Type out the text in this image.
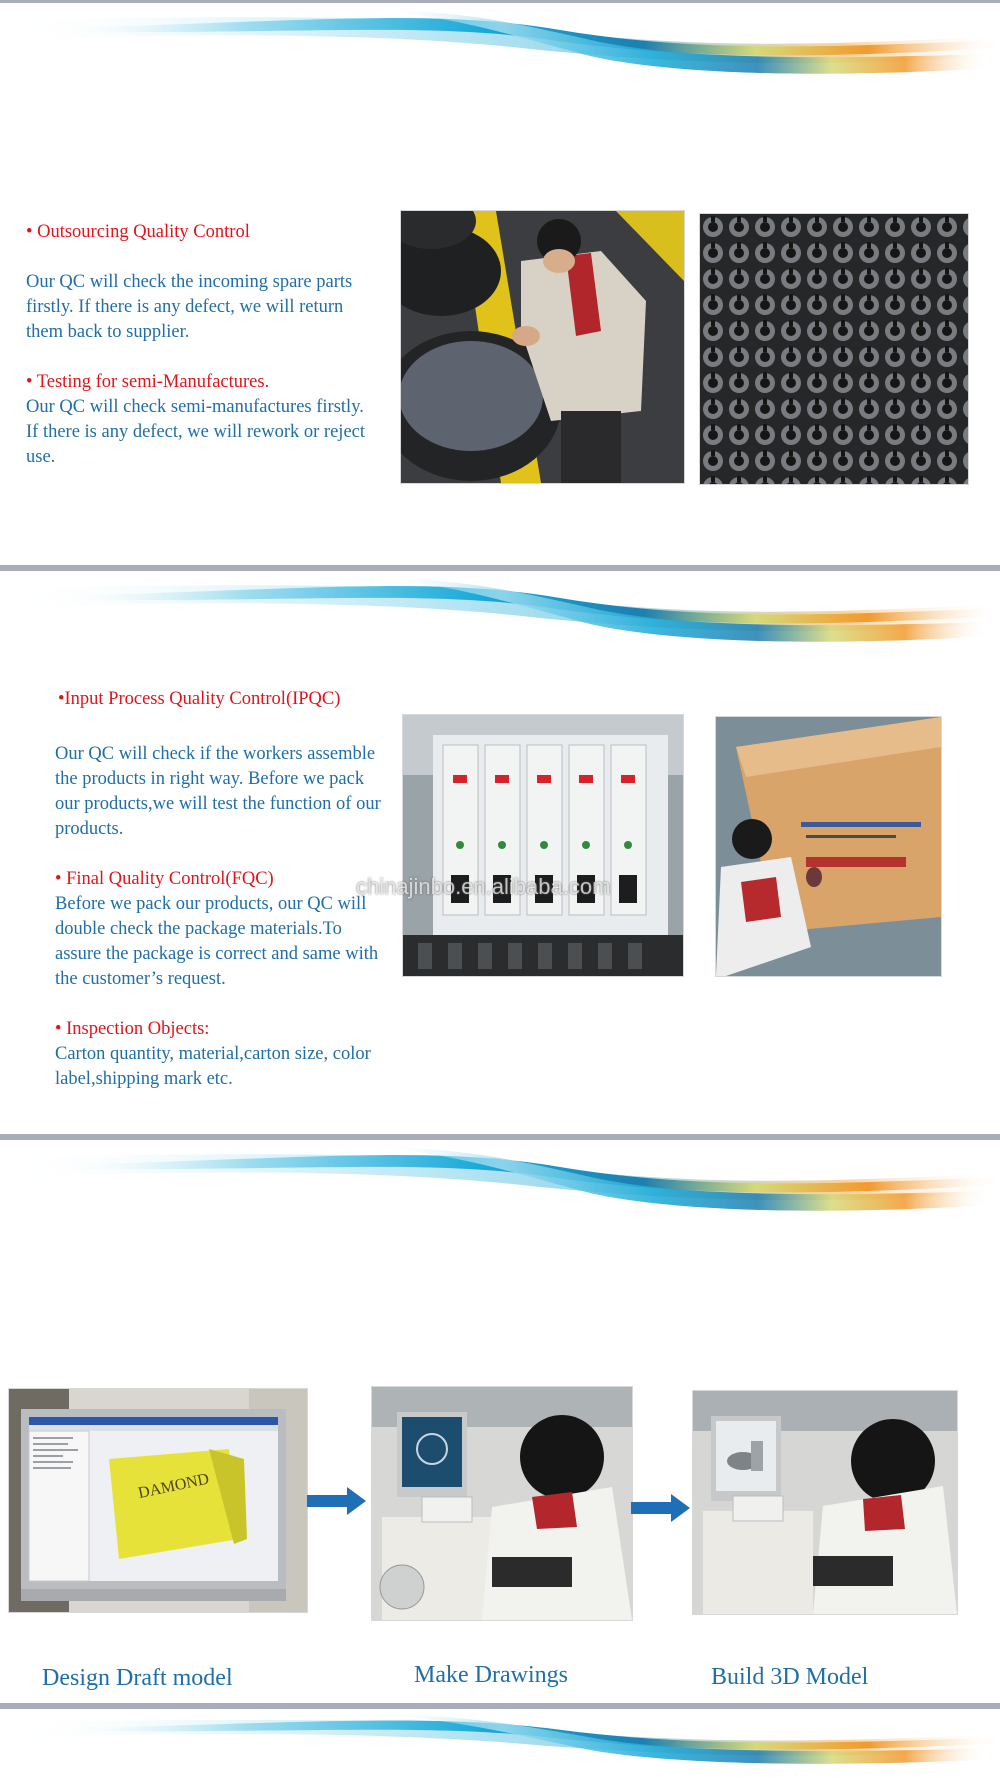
• Outsourcing Quality Control

Our QC will check the incoming spare parts

firstly. If there is any defect, we will return

them back to supplier.

• Testing for semi-Manufactures.

Our QC will check semi-manufactures firstly.

If there is any defect, we will rework or reject

use.

•Input Process Quality Control(IPQC)

Our QC will check if the workers assemble

the products in right way. Before we pack

our products,we will test the function of our

products.

• Final Quality Control(FQC)

Before we pack our products, our QC will

double check the package materials.To

assure the package is correct and same with

the customer’s request.

• Inspection Objects:

Carton quantity, material,carton size, color

label,shipping mark etc.

chinajinbo.en.alibaba.com
DAMOND
Design Draft model	Make Drawings	Build 3D Model
